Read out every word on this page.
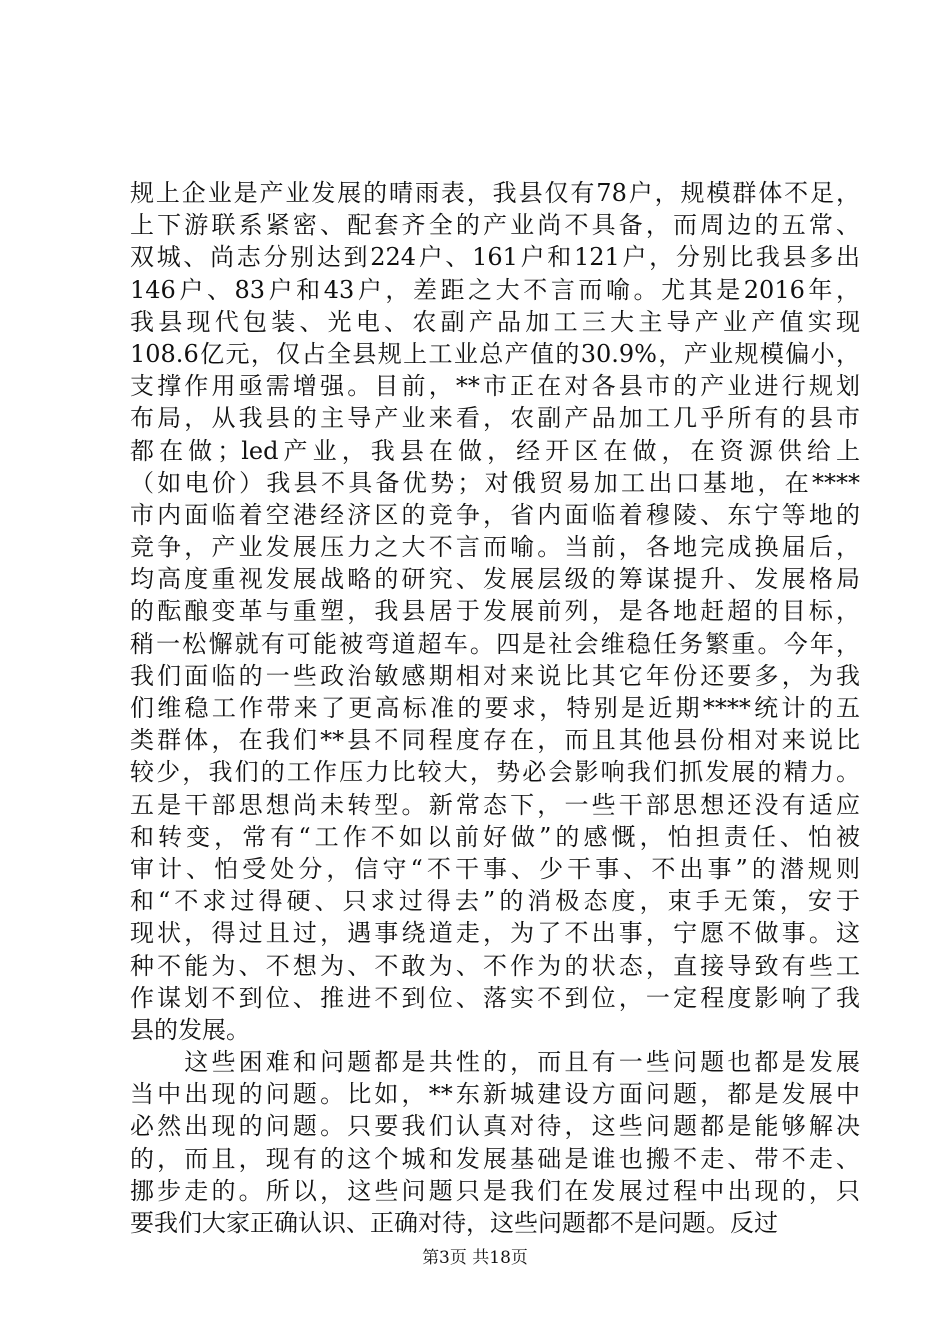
规上企业是产业发展的晴雨表，我县仅有78户，规模群体不足，
上下游联系紧密、配套齐全的产业尚不具备，而周边的五常、
双城、尚志分别达到224户、161户和121户，分别比我县多出
146户、83户和43户，差距之大不言而喻。尤其是2016年，
我县现代包装、光电、农副产品加工三大主导产业产值实现
108.6亿元，仅占全县规上工业总产值的30.9%，产业规模偏小，
支撑作用亟需增强。目前，**市正在对各县市的产业进行规划
布局，从我县的主导产业来看，农副产品加工几乎所有的县市
都在做；led产业，我县在做，经开区在做，在资源供给上
（如电价）我县不具备优势；对俄贸易加工出口基地，在****
市内面临着空港经济区的竞争，省内面临着穆陵、东宁等地的
竞争，产业发展压力之大不言而喻。当前，各地完成换届后，
均高度重视发展战略的研究、发展层级的筹谋提升、发展格局
的酝酿变革与重塑，我县居于发展前列，是各地赶超的目标，
稍一松懈就有可能被弯道超车。四是社会维稳任务繁重。今年，
我们面临的一些政治敏感期相对来说比其它年份还要多，为我
们维稳工作带来了更高标准的要求，特别是近期****统计的五
类群体，在我们**县不同程度存在，而且其他县份相对来说比
较少，我们的工作压力比较大，势必会影响我们抓发展的精力。
五是干部思想尚未转型。新常态下，一些干部思想还没有适应
和转变，常有“工作不如以前好做”的感慨，怕担责任、怕被
审计、怕受处分，信守“不干事、少干事、不出事”的潜规则
和“不求过得硬、只求过得去”的消极态度，束手无策，安于
现状，得过且过，遇事绕道走，为了不出事，宁愿不做事。这
种不能为、不想为、不敢为、不作为的状态，直接导致有些工
作谋划不到位、推进不到位、落实不到位，一定程度影响了我
县的发展。
　　这些困难和问题都是共性的，而且有一些问题也都是发展
当中出现的问题。比如，**东新城建设方面问题，都是发展中
必然出现的问题。只要我们认真对待，这些问题都是能够解决
的，而且，现有的这个城和发展基础是谁也搬不走、带不走、
挪步走的。所以，这些问题只是我们在发展过程中出现的，只
要我们大家正确认识、正确对待，这些问题都不是问题。反过
第3页 共18页
